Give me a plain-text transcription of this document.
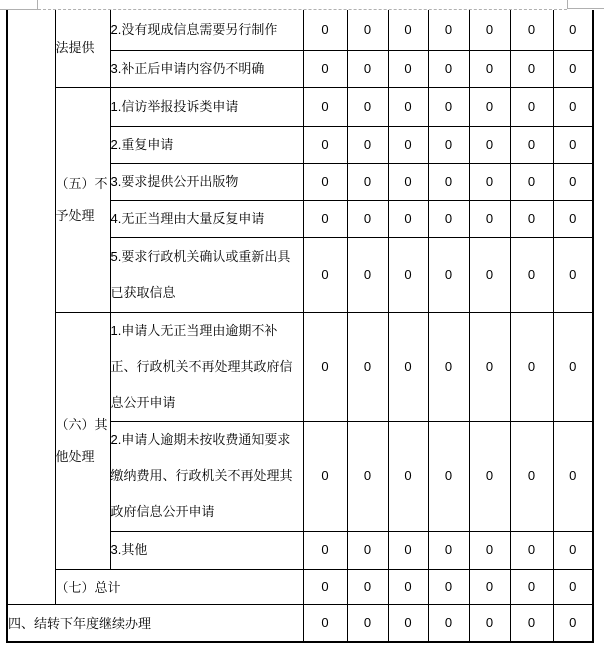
	法提供	2.没有现成信息需要另行制作	0	0	0	0	0	0	0
		3.补正后申请内容仍不明确	0	0	0	0	0	0	0
	（五）不予处理	1.信访举报投诉类申请	0	0	0	0	0	0	0
		2.重复申请	0	0	0	0	0	0	0
		3.要求提供公开出版物	0	0	0	0	0	0	0
		4.无正当理由大量反复申请	0	0	0	0	0	0	0
		5.要求行政机关确认或重新出具已获取信息	0	0	0	0	0	0	0
	（六）其他处理	1.申请人无正当理由逾期不补正、行政机关不再处理其政府信息公开申请	0	0	0	0	0	0	0
		2.申请人逾期未按收费通知要求缴纳费用、行政机关不再处理其政府信息公开申请	0	0	0	0	0	0	0
		3.其他	0	0	0	0	0	0	0
	（七）总计		0	0	0	0	0	0	0
四、结转下年度继续办理			0	0	0	0	0	0	0
